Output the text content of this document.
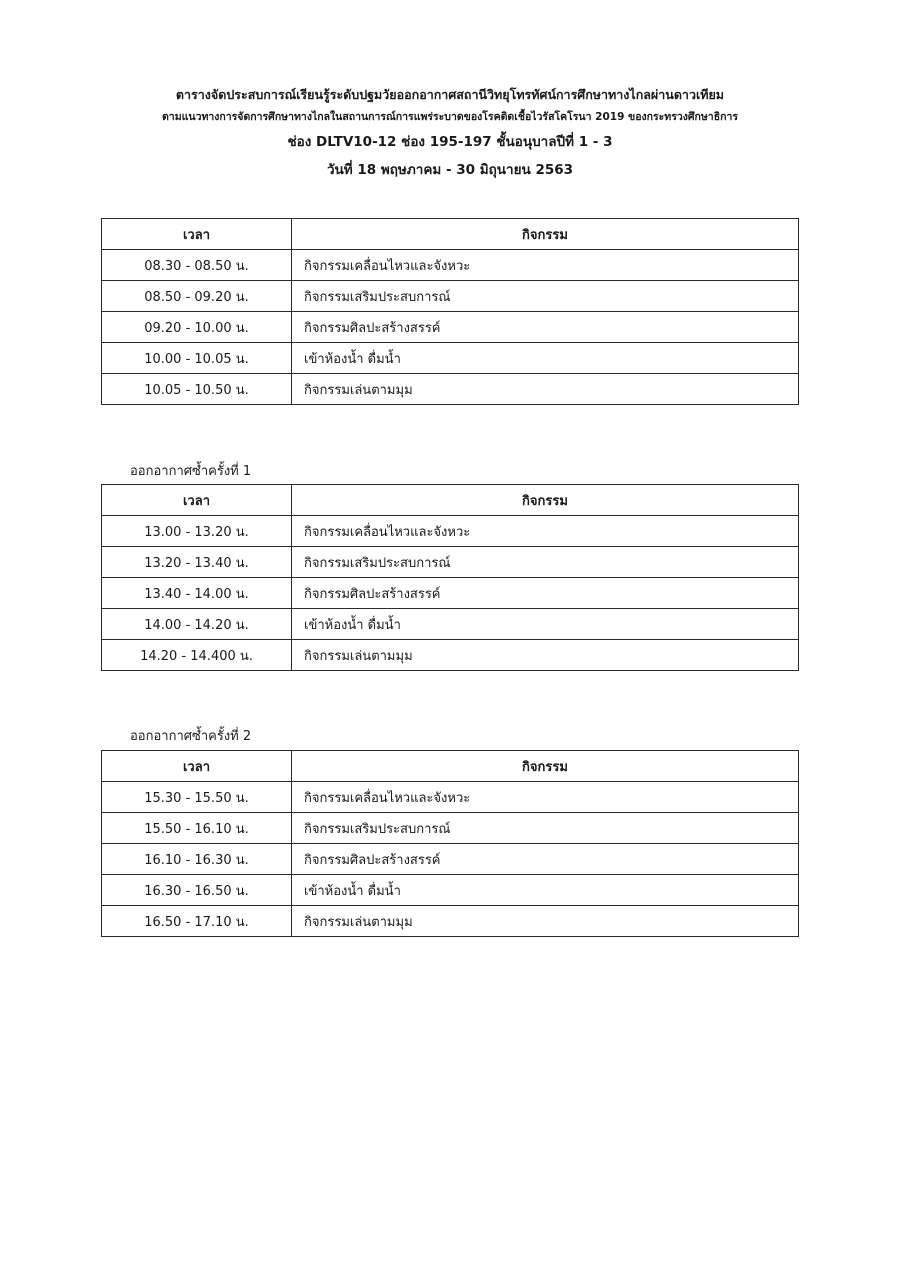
ตารางจัดประสบการณ์เรียนรู้ระดับปฐมวัยออกอากาศสถานีวิทยุโทรทัศน์การศึกษาทางไกลผ่านดาวเทียม
ตามแนวทางการจัดการศึกษาทางไกลในสถานการณ์การแพร่ระบาดของโรคติดเชื้อไวรัสโคโรนา 2019 ของกระทรวงศึกษาธิการ
ช่อง DLTV10-12 ช่อง 195-197 ชั้นอนุบาลปีที่ 1 - 3
วันที่ 18 พฤษภาคม - 30 มิถุนายน 2563
เวลา	กิจกรรม
08.30 - 08.50 น.	กิจกรรมเคลื่อนไหวและจังหวะ
08.50 - 09.20 น.	กิจกรรมเสริมประสบการณ์
09.20 - 10.00 น.	กิจกรรมศิลปะสร้างสรรค์
10.00 - 10.05 น.	เข้าห้องน้ำ ดื่มน้ำ
10.05 - 10.50 น.	กิจกรรมเล่นตามมุม
ออกอากาศซ้ำครั้งที่ 1
เวลา	กิจกรรม
13.00 - 13.20 น.	กิจกรรมเคลื่อนไหวและจังหวะ
13.20 - 13.40 น.	กิจกรรมเสริมประสบการณ์
13.40 - 14.00 น.	กิจกรรมศิลปะสร้างสรรค์
14.00 - 14.20 น.	เข้าห้องน้ำ ดื่มน้ำ
14.20 - 14.400 น.	กิจกรรมเล่นตามมุม
ออกอากาศซ้ำครั้งที่ 2
เวลา	กิจกรรม
15.30 - 15.50 น.	กิจกรรมเคลื่อนไหวและจังหวะ
15.50 - 16.10 น.	กิจกรรมเสริมประสบการณ์
16.10 - 16.30 น.	กิจกรรมศิลปะสร้างสรรค์
16.30 - 16.50 น.	เข้าห้องน้ำ ดื่มน้ำ
16.50 - 17.10 น.	กิจกรรมเล่นตามมุม
